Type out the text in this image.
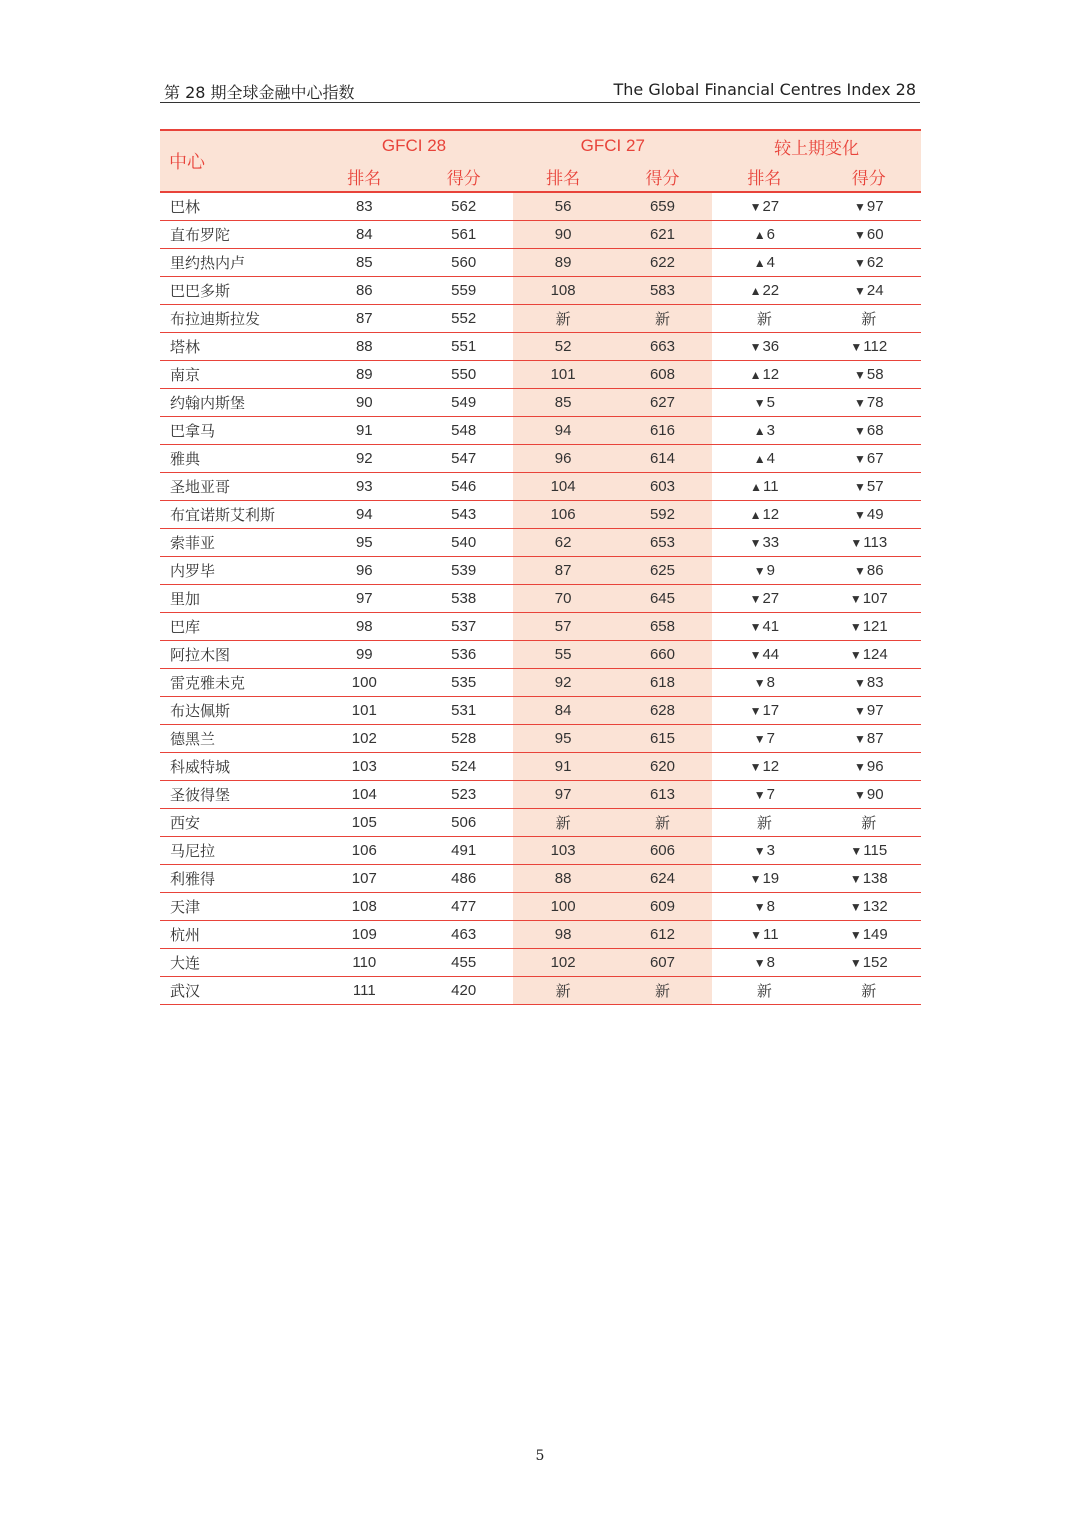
第 28 期全球金融中心指数	The Global Financial Centres Index 28
中心	GFCI 28		GFCI 27		较上期变化	
	排名	得分	排名	得分	排名	得分
巴林	83	562	56	659	▼27	▼97
直布罗陀	84	561	90	621	▲6	▼60
里约热内卢	85	560	89	622	▲4	▼62
巴巴多斯	86	559	108	583	▲22	▼24
布拉迪斯拉发	87	552	新	新	新	新
塔林	88	551	52	663	▼36	▼112
南京	89	550	101	608	▲12	▼58
约翰内斯堡	90	549	85	627	▼5	▼78
巴拿马	91	548	94	616	▲3	▼68
雅典	92	547	96	614	▲4	▼67
圣地亚哥	93	546	104	603	▲11	▼57
布宜诺斯艾利斯	94	543	106	592	▲12	▼49
索菲亚	95	540	62	653	▼33	▼113
内罗毕	96	539	87	625	▼9	▼86
里加	97	538	70	645	▼27	▼107
巴库	98	537	57	658	▼41	▼121
阿拉木图	99	536	55	660	▼44	▼124
雷克雅未克	100	535	92	618	▼8	▼83
布达佩斯	101	531	84	628	▼17	▼97
德黑兰	102	528	95	615	▼7	▼87
科威特城	103	524	91	620	▼12	▼96
圣彼得堡	104	523	97	613	▼7	▼90
西安	105	506	新	新	新	新
马尼拉	106	491	103	606	▼3	▼115
利雅得	107	486	88	624	▼19	▼138
天津	108	477	100	609	▼8	▼132
杭州	109	463	98	612	▼11	▼149
大连	110	455	102	607	▼8	▼152
武汉	111	420	新	新	新	新
5
